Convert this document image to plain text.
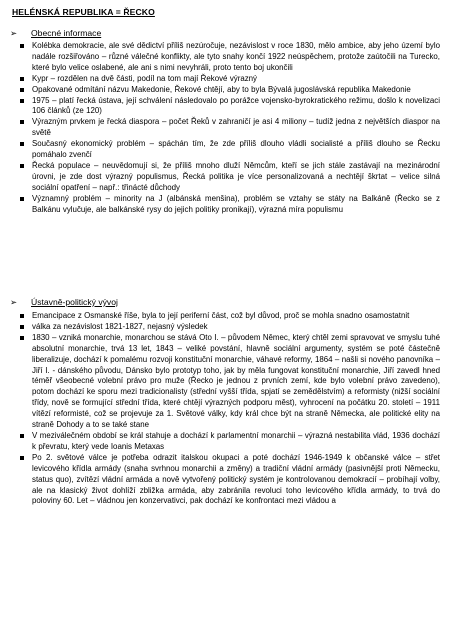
HELÉNSKÁ REPUBLIKA = ŘECKO
➢	Obecné informace
Kolébka demokracie, ale své dědictví příliš nezúročuje, nezávislost v roce 1830, mělo ambice, aby jeho území bylo nadále rozšiřováno – různé válečné konflikty, ale tyto snahy končí 1922 neúspěchem, protože zaútočili na Turecko, které bylo velice oslabené, ale ani s nimi nevyhráli, proto tento boj ukončili
Kypr – rozdělen na dvě části, podíl na tom mají Řekové výrazný
Opakované odmítání názvu Makedonie, Řekové chtějí, aby to byla Bývalá jugoslávská republika Makedonie
1975 – platí řecká ústava, její schválení následovalo po porážce vojensko-byrokratického režimu, došlo k novelizaci 106 článků (ze 120)
Výrazným prvkem je řecká diaspora – počet Řeků v zahraničí je asi 4 miliony – tudíž jedna z největších diaspor na světě
Současný ekonomický problém – spáchán tím, že zde příliš dlouho vládli socialisté a příliš dlouho se Řecku pomáhalo zvenčí
Řecká populace – neuvědomují si, že příliš mnoho dluží Němcům, kteří se jich stále zastávají na mezinárodní úrovni, je zde dost výrazný populismus, Řecká politika je více personalizovaná a nechtějí škrtat – velice silná sociální opatření – např.: třinácté důchody
Významný problém – minority na J (albánská menšina), problém se vztahy se státy na Balkáně (Řecko se z Balkánu vylučuje, ale balkánské rysy do jejich politiky pronikají), výrazná míra populismu
➢	Ústavně-politický vývoj
Emancipace z Osmanské říše, byla to její periferní část, což byl důvod, proč se mohla snadno osamostatnit
válka za nezávislost 1821-1827, nejasný výsledek
1830 – vzniká monarchie, monarchou se stává Oto I. – původem Němec, který chtěl zemi spravovat ve smyslu tuhé absolutní monarchie, trvá 13 let, 1843 – veliké povstání, hlavně sociální argumenty, systém se poté částečně liberalizuje, dochází k pomalému rozvoji konstituční monarchie, váhavé reformy, 1864 – našli si nového panovníka – Jiří I. - dánského původu, Dánsko bylo prototyp toho, jak by měla fungovat konstituční monarchie, Jiří zavedl hned téměř všeobecné volební právo pro muže (Řecko je jednou z prvních zemí, kde bylo volební právo zavedeno), potom dochází ke sporu mezi tradicionalisty (střední vyšší třída, spjatí se zemědělstvím) a reformisty (nižší sociální třídy, nově se formující střední třída, které chtějí výrazných podporu měst), vyhrocení na počátku 20. století – 1911 vítězí reformisté, což se projevuje za 1. Světové války, kdy král chce být na straně Německa, ale politické elity na straně Dohody a to se také stane
V meziválečném období se král stahuje a dochází k parlamentní monarchii – výrazná nestabilita vlád, 1936 dochází k převratu, který vede Ioanis Metaxas
Po 2. světové válce je potřeba odrazit italskou okupaci a poté dochází 1946-1949 k občanské válce – střet levicového křídla armády (snaha svrhnou monarchii a změny) a tradiční vládní armády (pasivnější proti Německu, status quo), zvítězí vládní armáda a nově vytvořený politický systém je kontrolovanou demokracií – probíhají volby, ale na klasický život dohlíží zbližka armáda, aby zabránila revoluci toho levicového křídla armády, to trvá do poloviny 60. Let – vládnou jen konzervativci, pak dochází ke konfrontaci mezi vládou a
